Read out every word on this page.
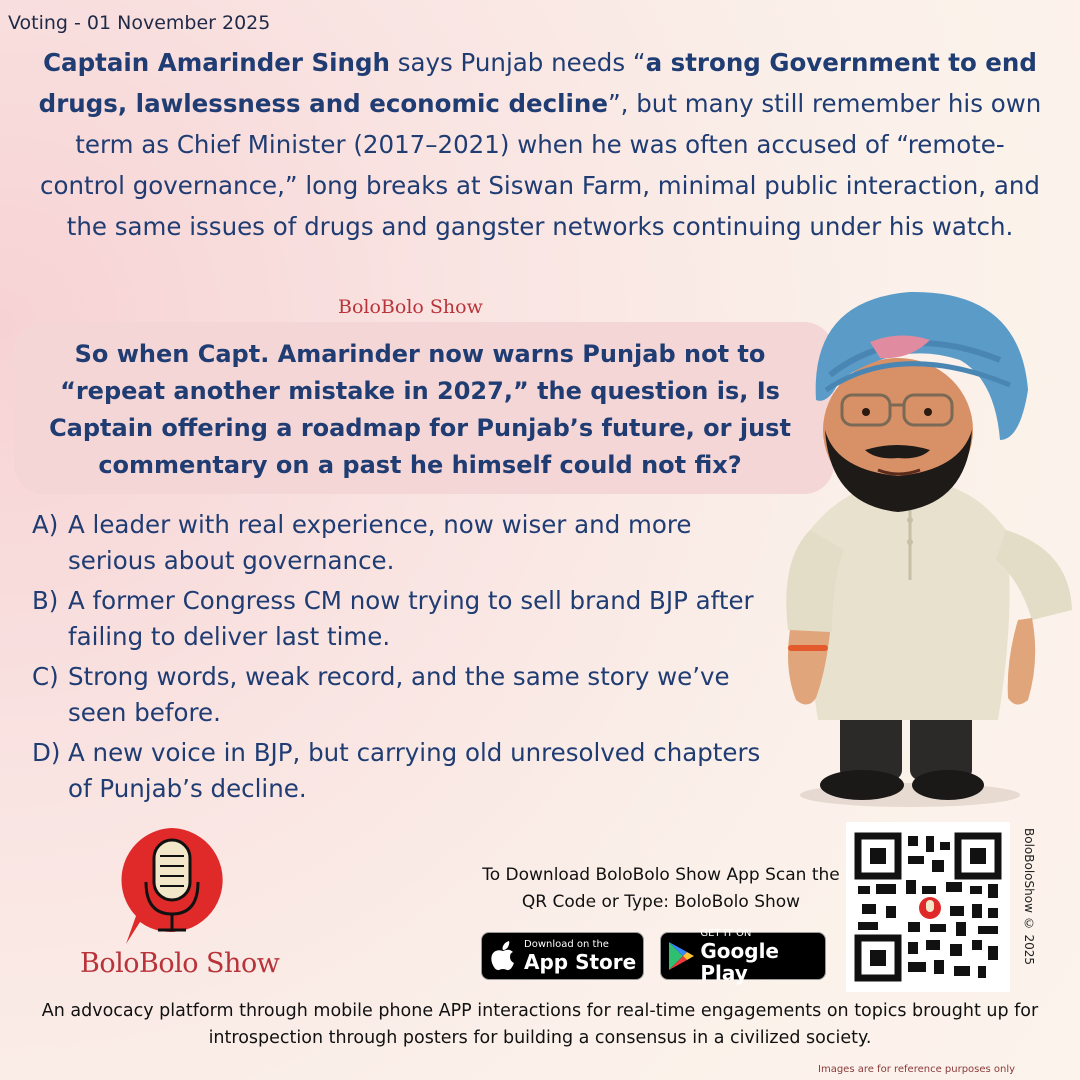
Voting - 01 November 2025
Captain Amarinder Singh says Punjab needs “a strong Government to end drugs, lawlessness and economic decline”, but many still remember his own term as Chief Minister (2017–2021) when he was often accused of “remote-control governance,” long breaks at Siswan Farm, minimal public interaction, and the same issues of drugs and gangster networks continuing under his watch.
BoloBolo Show
So when Capt. Amarinder now warns Punjab not to “repeat another mistake in 2027,” the question is, Is Captain offering a roadmap for Punjab’s future, or just commentary on a past he himself could not fix?
A) A leader with real experience, now wiser and more serious about governance.
B) A former Congress CM now trying to sell brand BJP after failing to deliver last time.
C) Strong words, weak record, and the same story we’ve seen before.
D) A new voice in BJP, but carrying old unresolved chapters of Punjab’s decline.
BoloBolo Show
To Download BoloBolo Show App Scan the QR Code or Type: BoloBolo Show
Download on the
App Store
GET IT ON
Google Play
BoloBoloShow © 2025
An advocacy platform through mobile phone APP interactions for real-time engagements on topics brought up for introspection through posters for building a consensus in a civilized society.
Images are for reference purposes only
